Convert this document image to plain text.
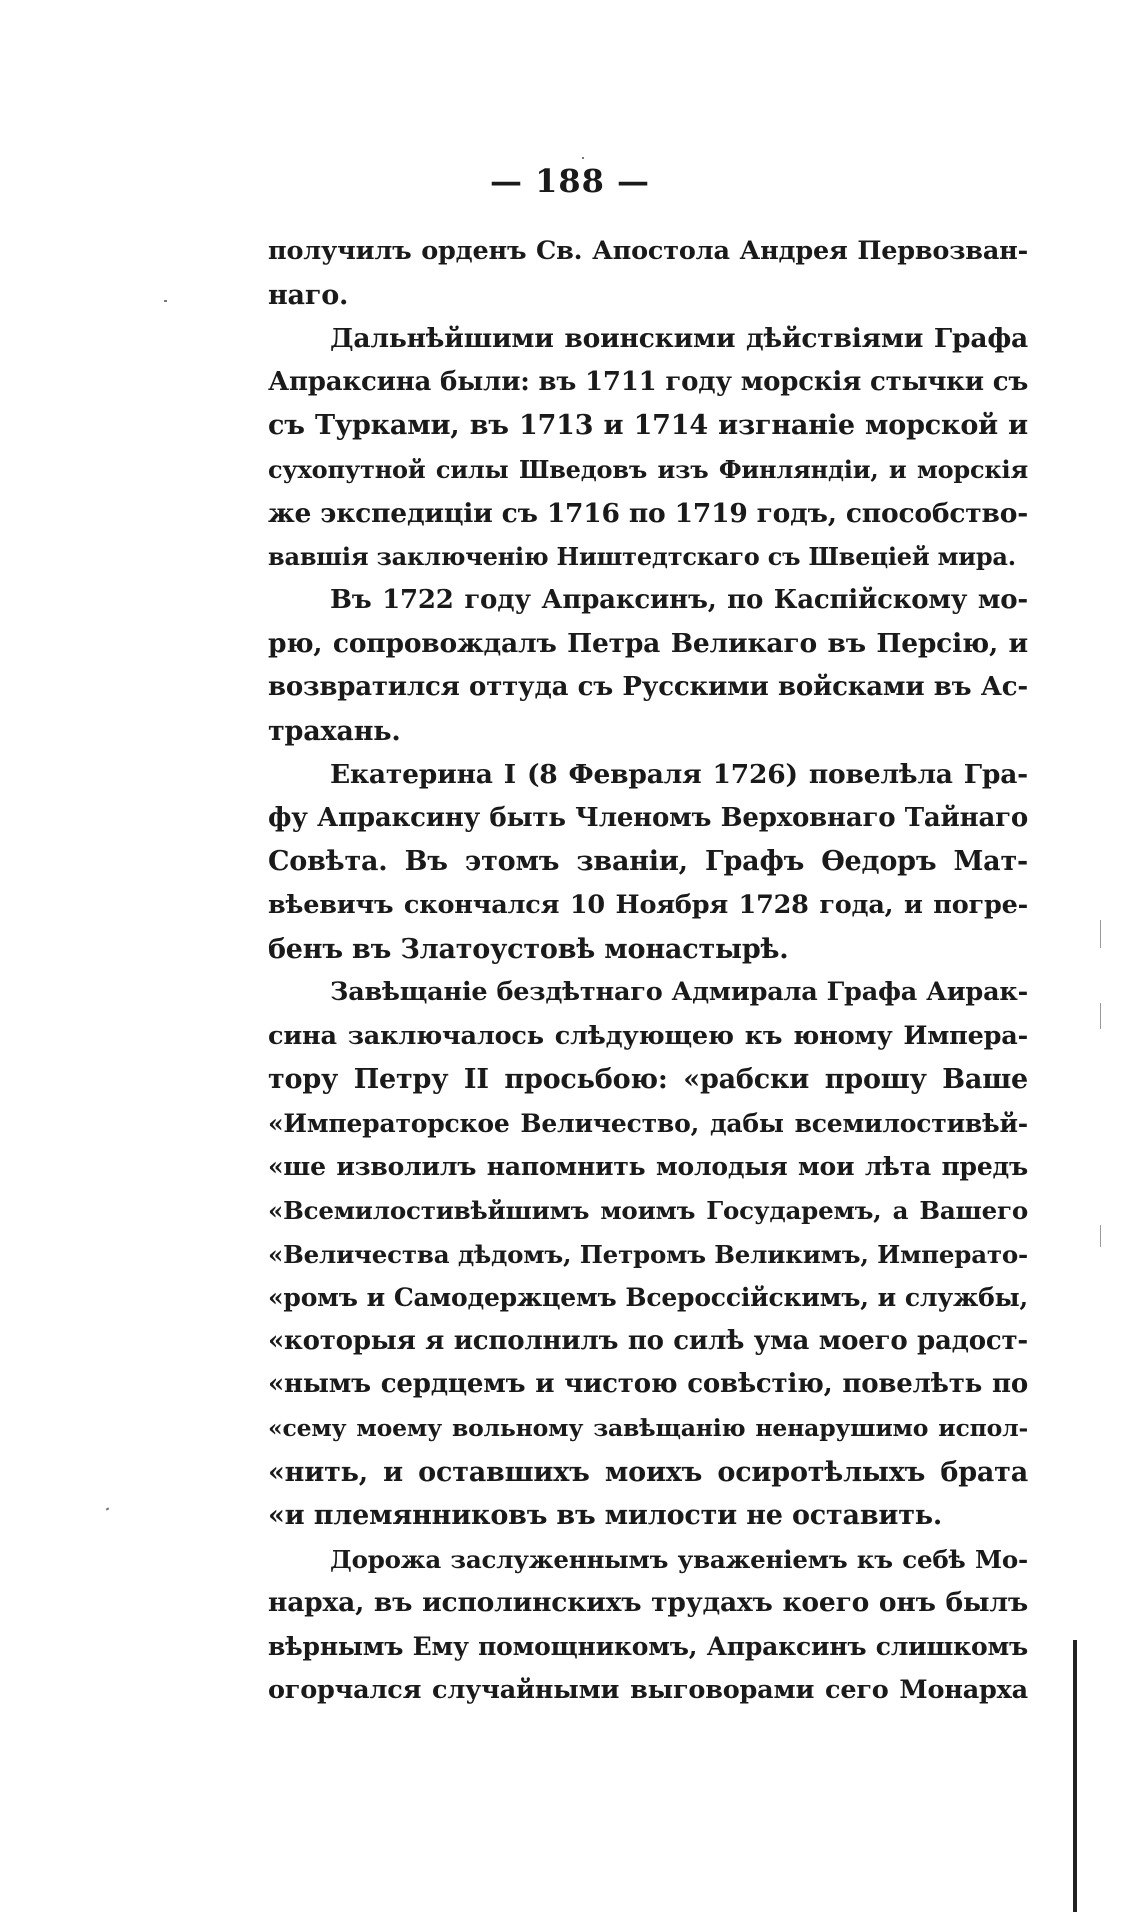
— 188 —
получилъ орденъ Св. Апостола Андрея Первозван-
наго.
Дальнѣйшими воинскими дѣйствіями Графа
Апраксина были: въ 1711 году морскія стычки съ
съ Турками, въ 1713 и 1714 изгнаніе морской и
сухопутной силы Шведовъ изъ Финляндіи, и морскія
же экспедиціи съ 1716 по 1719 годъ, способствo-
вавшія заключенію Ништедтскаго съ Швеціей мира.
Въ 1722 году Апраксинъ, по Каспійскому мо-
рю, сопровождалъ Петра Великаго въ Персію, и
возвратился оттуда съ Русскими войсками въ Ас-
трахань.
Екатерина I (8 Февраля 1726) повелѣла Гра-
фу Апраксину быть Членомъ Верховнаго Тайнаго
Совѣта. Въ этомъ званіи, Графъ Ѳедоръ Мат-
вѣевичъ скончался 10 Ноября 1728 года, и погре-
бенъ въ Златоустовѣ монастырѣ.
Завѣщаніе бездѣтнаго Адмирала Графа Аирак-
сина заключалось слѣдующею къ юному Импера-
тору Петру II просьбою: «рабски прошу Ваше
«Императорское Величество, дабы всемилостивѣй-
«ше изволилъ напомнить молодыя мои лѣта предъ
«Всемилостивѣйшимъ моимъ Государемъ, а Вашего
«Величества дѣдомъ, Петромъ Великимъ, Императо-
«ромъ и Самодержцемъ Всероссійскимъ, и службы,
«которыя я исполнилъ по силѣ ума моего радост-
«нымъ сердцемъ и чистою совѣстію, повелѣть по
«сему моему вольному завѣщанію ненарушимо испол-
«нить, и оставшихъ моихъ осиротѣлыхъ брата
«и племянниковъ въ милости не оставить.
Дорожа заслуженнымъ уваженіемъ къ себѣ Мо-
нарха, въ исполинскихъ трудахъ коего онъ былъ
вѣрнымъ Ему помощникомъ, Апраксинъ слишкомъ
огорчался случайными выговорами сего Монарха
